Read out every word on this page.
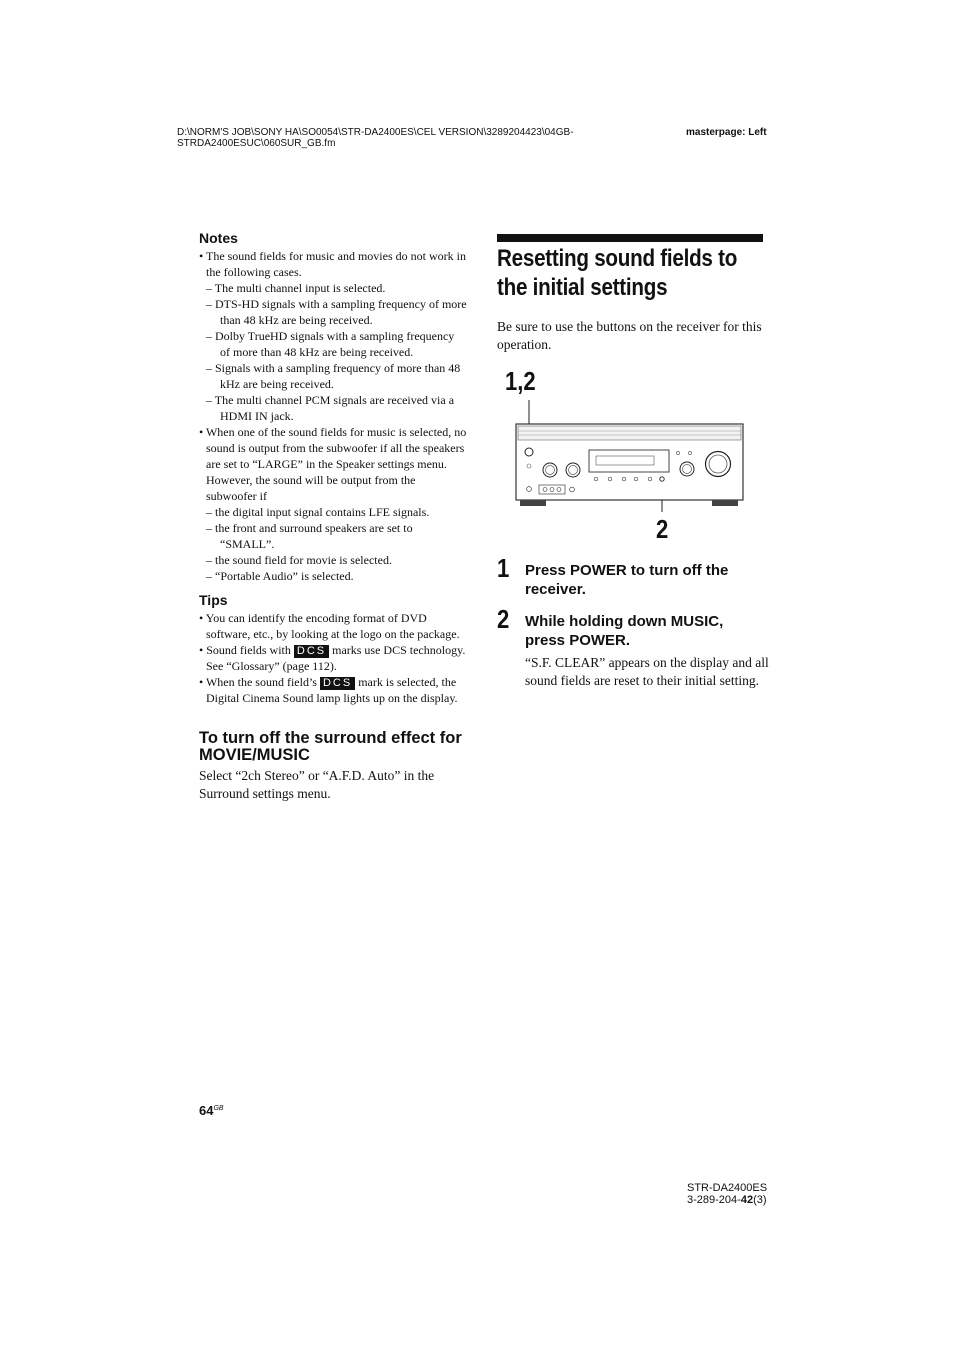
D:\NORM'S JOB\SONY HA\SO0054\STR-DA2400ES\CEL VERSION\3289204423\04GB-
STRDA2400ESUC\060SUR_GB.fm
masterpage: Left
Notes

• The sound fields for music and movies do not work in the following cases.

– The multi channel input is selected.

– DTS-HD signals with a sampling frequency of more than 48 kHz are being received.

– Dolby TrueHD signals with a sampling frequency of more than 48 kHz are being received.

– Signals with a sampling frequency of more than 48 kHz are being received.

– The multi channel PCM signals are received via a HDMI IN jack.

• When one of the sound fields for music is selected, no sound is output from the subwoofer if all the speakers are set to “LARGE” in the Speaker settings menu.

However, the sound will be output from the subwoofer if

– the digital input signal contains LFE signals.

– the front and surround speakers are set to “SMALL”.

– the sound field for movie is selected.

– “Portable Audio” is selected.

Tips

• You can identify the encoding format of DVD software, etc., by looking at the logo on the package.

• Sound fields with DCS marks use DCS technology. See “Glossary” (page 112).

• When the sound field’s DCS mark is selected, the Digital Cinema Sound lamp lights up on the display.

To turn off the surround effect for MOVIE/MUSIC
Select “2ch Stereo” or “A.F.D. Auto” in the Surround settings menu.
Resetting sound fields to the initial settings
Be sure to use the buttons on the receiver for this operation.
1,2
2
1 Press POWER to turn off the receiver.
2 While holding down MUSIC, press POWER.
“S.F. CLEAR” appears on the display and all sound fields are reset to their initial setting.
$64^{GB}$
STR-DA2400ES
3-289-204-42(3)
